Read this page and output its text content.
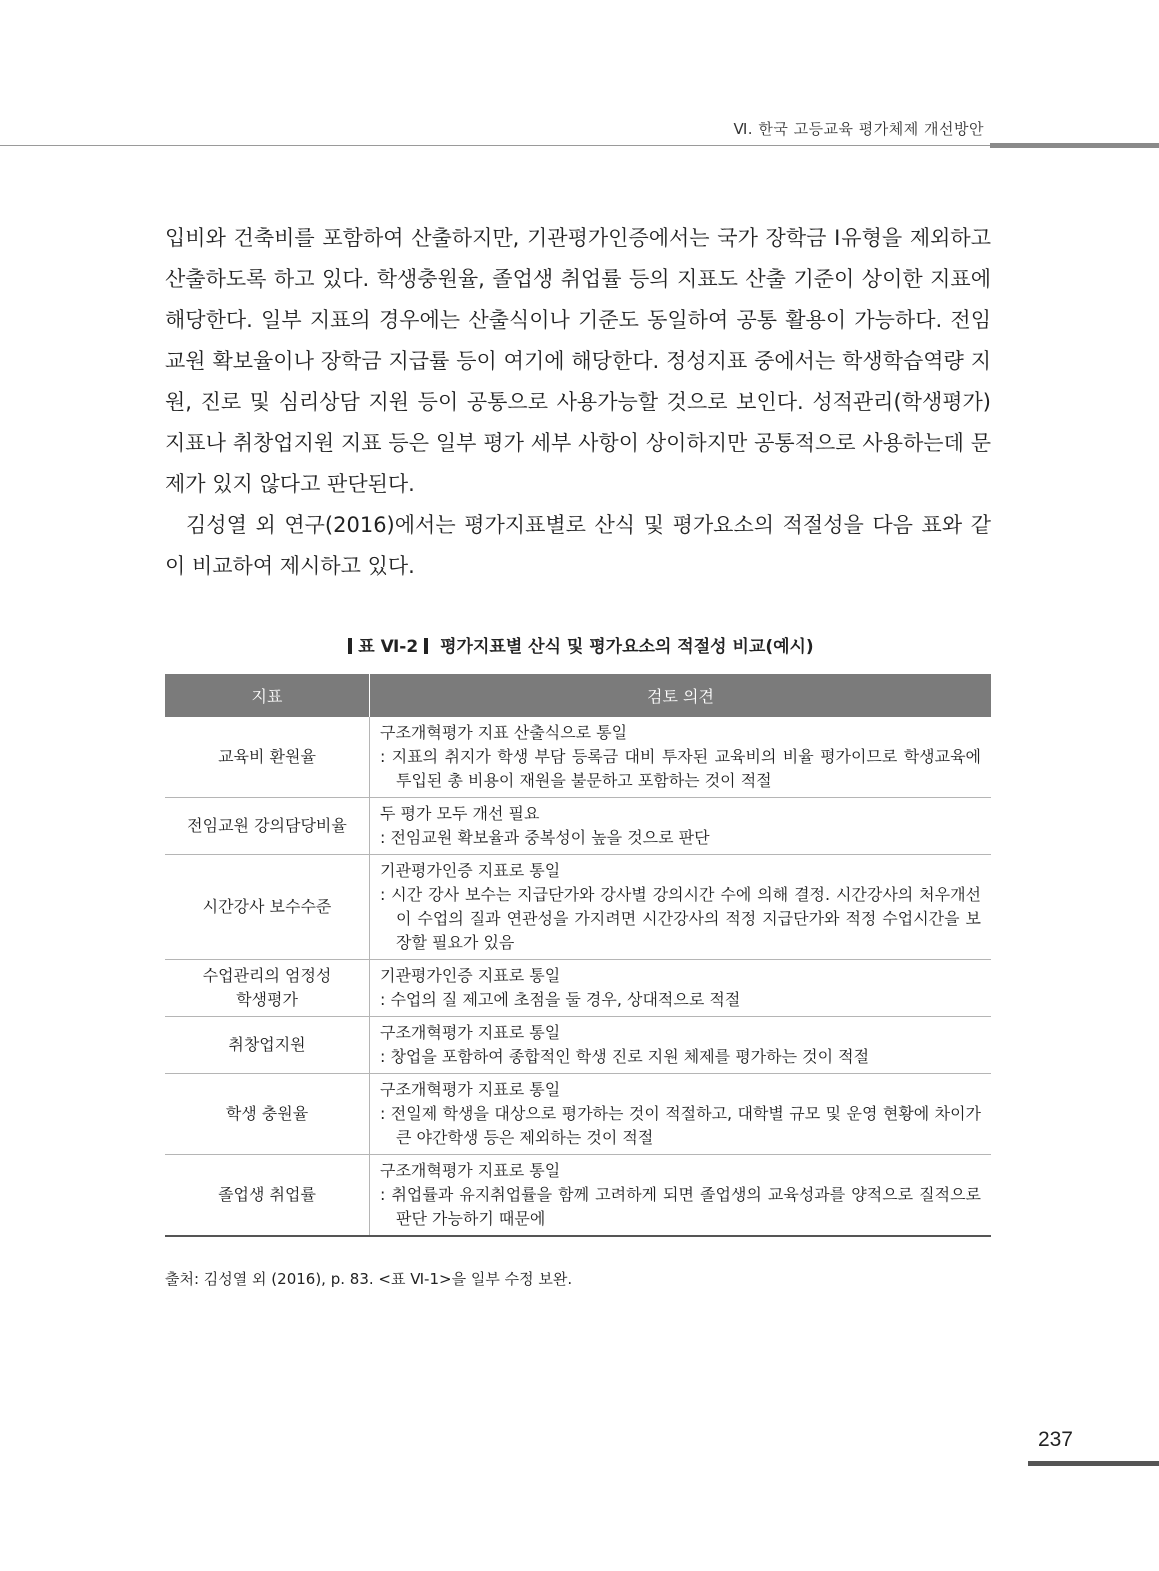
Ⅵ. 한국 고등교육 평가체제 개선방안

입비와 건축비를 포함하여 산출하지만, 기관평가인증에서는 국가 장학금 Ⅰ유형을 제외하고 산출하도록 하고 있다. 학생충원율, 졸업생 취업률 등의 지표도 산출 기준이 상이한 지표에 해당한다. 일부 지표의 경우에는 산출식이나 기준도 동일하여 공통 활용이 가능하다. 전임교원 확보율이나 장학금 지급률 등이 여기에 해당한다. 정성지표 중에서는 학생학습역량 지원, 진로 및 심리상담 지원 등이 공통으로 사용가능할 것으로 보인다. 성적관리(학생평가) 지표나 취창업지원 지표 등은 일부 평가 세부 사항이 상이하지만 공통적으로 사용하는데 문제가 있지 않다고 판단된다.

김성열 외 연구(2016)에서는 평가지표별로 산식 및 평가요소의 적절성을 다음 표와 같이 비교하여 제시하고 있다.

표 Ⅵ-2 평가지표별 산식 및 평가요소의 적절성 비교(예시)
지표	검토 의견
교육비 환원율	구조개혁평가 지표 산출식으로 통일
: 지표의 취지가 학생 부담 등록금 대비 투자된 교육비의 비율 평가이므로 학생교육에 투입된 총 비용이 재원을 불문하고 포함하는 것이 적절

전임교원 강의담당비율	두 평가 모두 개선 필요
: 전임교원 확보율과 중복성이 높을 것으로 판단

시간강사 보수수준	기관평가인증 지표로 통일
: 시간 강사 보수는 지급단가와 강사별 강의시간 수에 의해 결정. 시간강사의 처우개선이 수업의 질과 연관성을 가지려면 시간강사의 적정 지급단가와 적정 수업시간을 보장할 필요가 있음

수업관리의 엄정성
학생평가	기관평가인증 지표로 통일
: 수업의 질 제고에 초점을 둘 경우, 상대적으로 적절

취창업지원	구조개혁평가 지표로 통일
: 창업을 포함하여 종합적인 학생 진로 지원 체제를 평가하는 것이 적절

학생 충원율	구조개혁평가 지표로 통일
: 전일제 학생을 대상으로 평가하는 것이 적절하고, 대학별 규모 및 운영 현황에 차이가 큰 야간학생 등은 제외하는 것이 적절

졸업생 취업률	구조개혁평가 지표로 통일
: 취업률과 유지취업률을 함께 고려하게 되면 졸업생의 교육성과를 양적으로 질적으로 판단 가능하기 때문에
출처: 김성열 외 (2016), p. 83. <표 Ⅵ-1>을 일부 수정 보완.
237
